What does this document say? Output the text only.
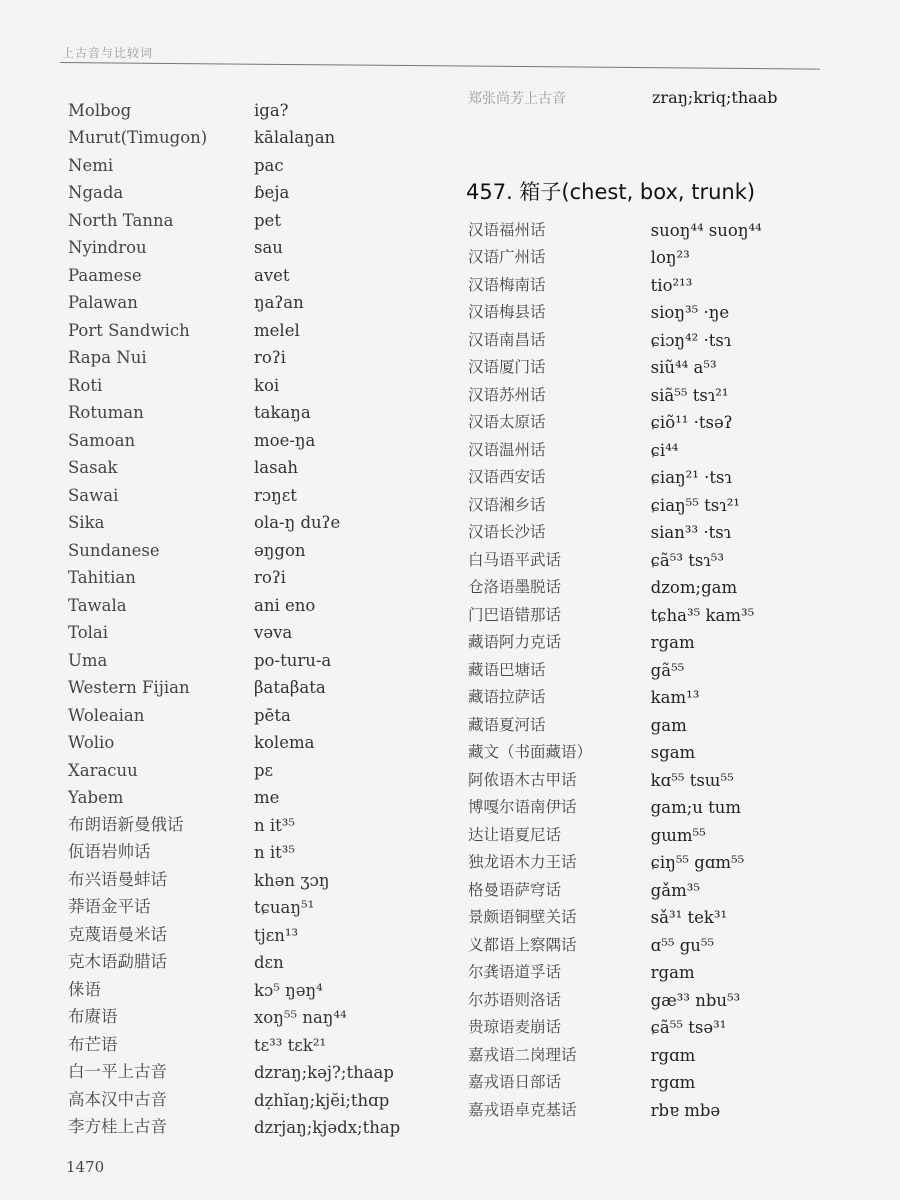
上古音与比较词
郑张尚芳上古音	zraŋ;kriq;thaab
457. 箱子(chest, box, trunk)
Molbog	iga?
Murut(Timugon)	kālalaŋan
Nemi	pac
Ngada	ɓeja
North Tanna	pet
Nyindrou	sau
Paamese	avet
Palawan	ŋaʔan
Port Sandwich	melel
Rapa Nui	roʔi
Roti	koi
Rotuman	takaŋa
Samoan	moe-ŋa
Sasak	lasah
Sawai	rɔŋɛt
Sika	ola-ŋ duʔe
Sundanese	əŋgon
Tahitian	roʔi
Tawala	ani eno
Tolai	vəva
Uma	po-turu-a
Western Fijian	βataβata
Woleaian	pēta
Wolio	kolema
Xaracuu	pɛ
Yabem	me
布朗语新曼俄话	n it³⁵
佤语岩帅话	n it³⁵
布兴语曼蚌话	khən ʒɔŋ
莽语金平话	tɕuaŋ⁵¹
克蔑语曼米话	tjɛn¹³
克木语勐腊话	dɛn
俫语	kɔ⁵ ŋəŋ⁴
布赓语	xoŋ⁵⁵ naŋ⁴⁴
布芒语	tɛ³³ tɛk²¹
白一平上古音	dzraŋ;kəj?;thaap
高本汉中古音	dẓhĭaŋ;kjĕi;thɑp
李方桂上古音	dzrjaŋ;kjədx;thap
汉语福州话	suoŋ⁴⁴ suoŋ⁴⁴
汉语广州话	loŋ²³
汉语梅南话	tio²¹³
汉语梅县话	sioŋ³⁵ ·ŋe
汉语南昌话	ɕiɔŋ⁴² ·tsɿ
汉语厦门话	siũ⁴⁴ a⁵³
汉语苏州话	siã⁵⁵ tsɿ²¹
汉语太原话	ɕiõ¹¹ ·tsəʔ
汉语温州话	ɕi⁴⁴
汉语西安话	ɕiaŋ²¹ ·tsɿ
汉语湘乡话	ɕiaŋ⁵⁵ tsɿ²¹
汉语长沙话	sian³³ ·tsɿ
白马语平武话	ɕã⁵³ tsɿ⁵³
仓洛语墨脱话	dzom;gam
门巴语错那话	tɕha³⁵ kam³⁵
藏语阿力克话	rgam
藏语巴塘话	gã⁵⁵
藏语拉萨话	kam¹³
藏语夏河话	gam
藏文（书面藏语）	sgam
阿侬语木古甲话	kɑ⁵⁵ tsɯ⁵⁵
博嘎尔语南伊话	gam;u tum
达让语夏尼话	gɯm⁵⁵
独龙语木力王话	ɕiŋ⁵⁵ gɑm⁵⁵
格曼语萨穹话	gǎm³⁵
景颇语铜壁关话	sǎ³¹ tek³¹
义都语上察隅话	ɑ⁵⁵ gu⁵⁵
尔龚语道孚话	rgam
尔苏语则洛话	gæ³³ nbu⁵³
贵琼语麦崩话	ɕã⁵⁵ tsə³¹
嘉戎语二岗理话	rgɑm
嘉戎语日部话	rgɑm
嘉戎语卓克基话	rbɐ mbə
1470
